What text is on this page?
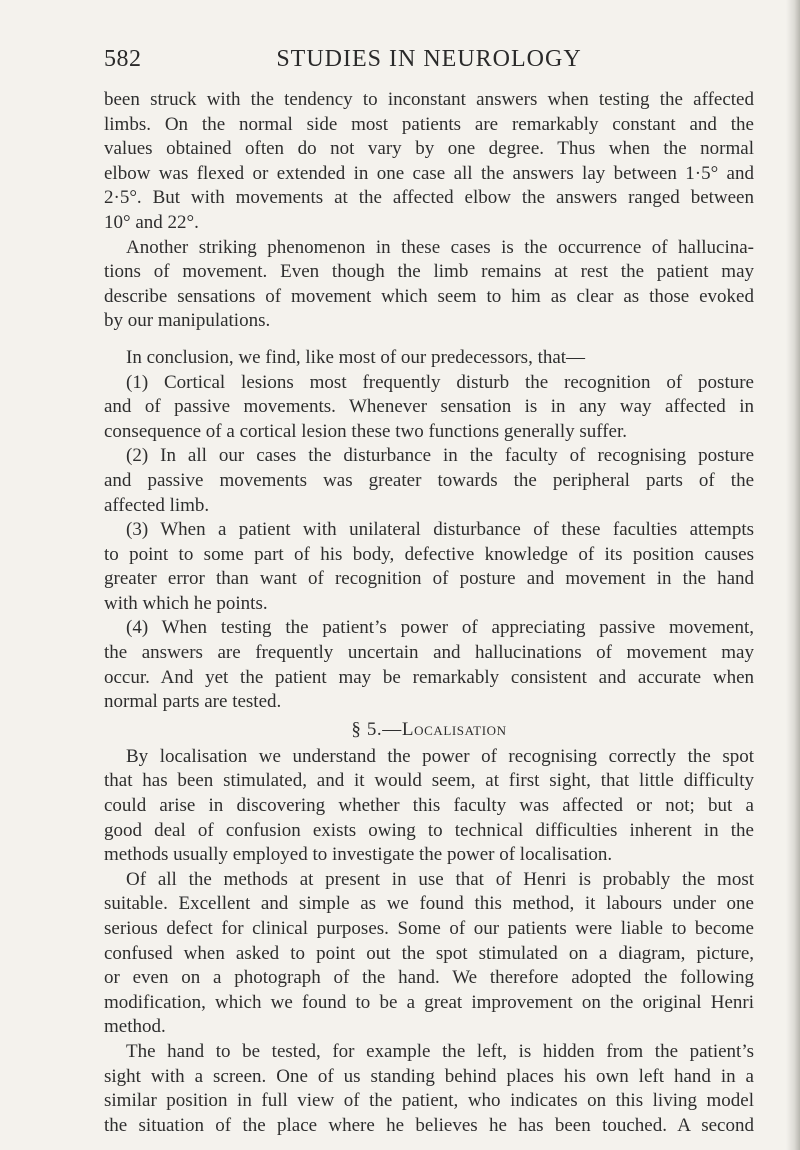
582	STUDIES IN NEUROLOGY
been struck with the tendency to inconstant answers when testing the affected
limbs. On the normal side most patients are remarkably constant and the
values obtained often do not vary by one degree. Thus when the normal
elbow was flexed or extended in one case all the answers lay between 1·5° and
2·5°. But with movements at the affected elbow the answers ranged between
10° and 22°.
Another striking phenomenon in these cases is the occurrence of hallucina-
tions of movement. Even though the limb remains at rest the patient may
describe sensations of movement which seem to him as clear as those evoked
by our manipulations.
In conclusion, we find, like most of our predecessors, that—
(1) Cortical lesions most frequently disturb the recognition of posture
and of passive movements. Whenever sensation is in any way affected in
consequence of a cortical lesion these two functions generally suffer.
(2) In all our cases the disturbance in the faculty of recognising posture
and passive movements was greater towards the peripheral parts of the
affected limb.
(3) When a patient with unilateral disturbance of these faculties attempts
to point to some part of his body, defective knowledge of its position causes
greater error than want of recognition of posture and movement in the hand
with which he points.
(4) When testing the patient’s power of appreciating passive movement,
the answers are frequently uncertain and hallucinations of movement may
occur. And yet the patient may be remarkably consistent and accurate when
normal parts are tested.
§ 5.—Localisation
By localisation we understand the power of recognising correctly the spot
that has been stimulated, and it would seem, at first sight, that little difficulty
could arise in discovering whether this faculty was affected or not; but a
good deal of confusion exists owing to technical difficulties inherent in the
methods usually employed to investigate the power of localisation.
Of all the methods at present in use that of Henri is probably the most
suitable. Excellent and simple as we found this method, it labours under one
serious defect for clinical purposes. Some of our patients were liable to become
confused when asked to point out the spot stimulated on a diagram, picture,
or even on a photograph of the hand. We therefore adopted the following
modification, which we found to be a great improvement on the original Henri
method.
The hand to be tested, for example the left, is hidden from the patient’s
sight with a screen. One of us standing behind places his own left hand in a
similar position in full view of the patient, who indicates on this living model
the situation of the place where he believes he has been touched. A second
